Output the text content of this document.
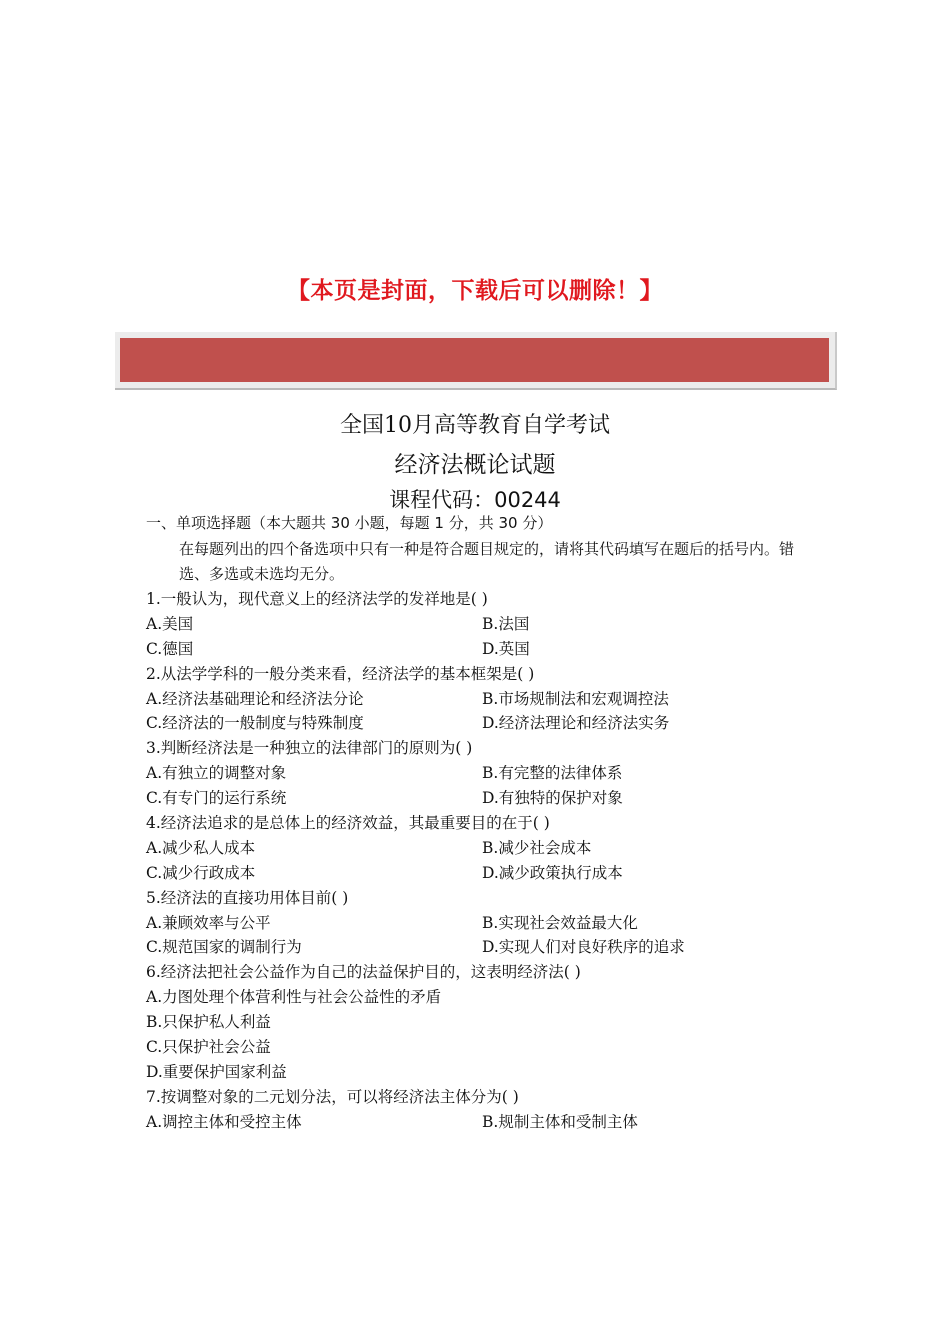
【本页是封面，下载后可以删除！】
全国10月高等教育自学考试
经济法概论试题
课程代码：00244
一、单项选择题（本大题共 30 小题，每题 1 分，共 30 分）
在每题列出的四个备选项中只有一种是符合题目规定的，请将其代码填写在题后的括号内。错选、多选或未选均无分。
1.一般认为，现代意义上的经济法学的发祥地是( )
A.美国	B.法国
C.德国	D.英国
2.从法学学科的一般分类来看，经济法学的基本框架是( )
A.经济法基础理论和经济法分论	B.市场规制法和宏观调控法
C.经济法的一般制度与特殊制度	D.经济法理论和经济法实务
3.判断经济法是一种独立的法律部门的原则为( )
A.有独立的调整对象	B.有完整的法律体系
C.有专门的运行系统	D.有独特的保护对象
4.经济法追求的是总体上的经济效益，其最重要目的在于( )
A.减少私人成本	B.减少社会成本
C.减少行政成本	D.减少政策执行成本
5.经济法的直接功用体目前( )
A.兼顾效率与公平	B.实现社会效益最大化
C.规范国家的调制行为	D.实现人们对良好秩序的追求
6.经济法把社会公益作为自己的法益保护目的，这表明经济法( )
A.力图处理个体营利性与社会公益性的矛盾
B.只保护私人利益
C.只保护社会公益
D.重要保护国家利益
7.按调整对象的二元划分法，可以将经济法主体分为( )
A.调控主体和受控主体	B.规制主体和受制主体
